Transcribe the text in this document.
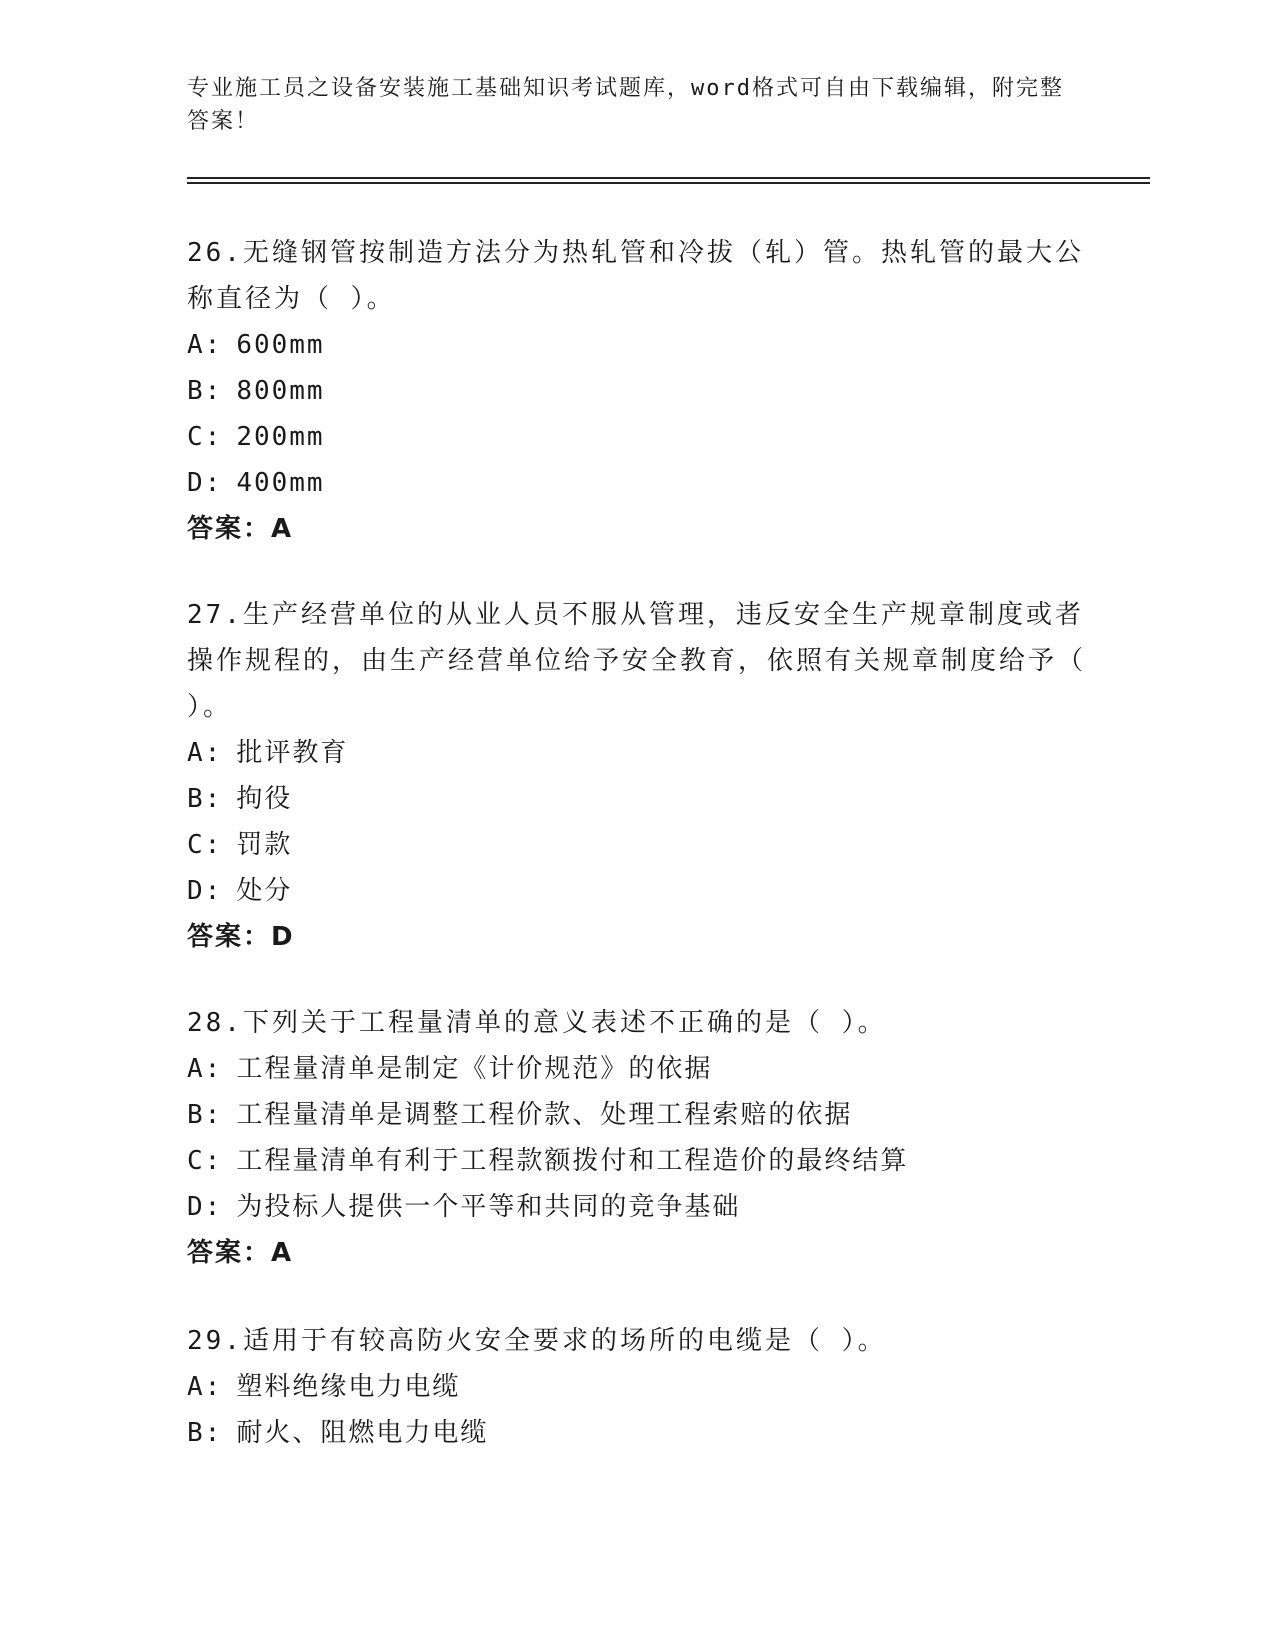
专业施工员之设备安装施工基础知识考试题库，word格式可自由下载编辑，附完整答案！
26.无缝钢管按制造方法分为热轧管和冷拔（轧）管。热轧管的最大公称直径为（ ）。
A: 600mm
B: 800mm
C: 200mm
D: 400mm
答案：A
27.生产经营单位的从业人员不服从管理，违反安全生产规章制度或者操作规程的，由生产经营单位给予安全教育，依照有关规章制度给予（ ）。
A: 批评教育
B: 拘役
C: 罚款
D: 处分
答案：D
28.下列关于工程量清单的意义表述不正确的是（ ）。
A: 工程量清单是制定《计价规范》的依据
B: 工程量清单是调整工程价款、处理工程索赔的依据
C: 工程量清单有利于工程款额拨付和工程造价的最终结算
D: 为投标人提供一个平等和共同的竞争基础
答案：A
29.适用于有较高防火安全要求的场所的电缆是（ ）。
A: 塑料绝缘电力电缆
B: 耐火、阻燃电力电缆
